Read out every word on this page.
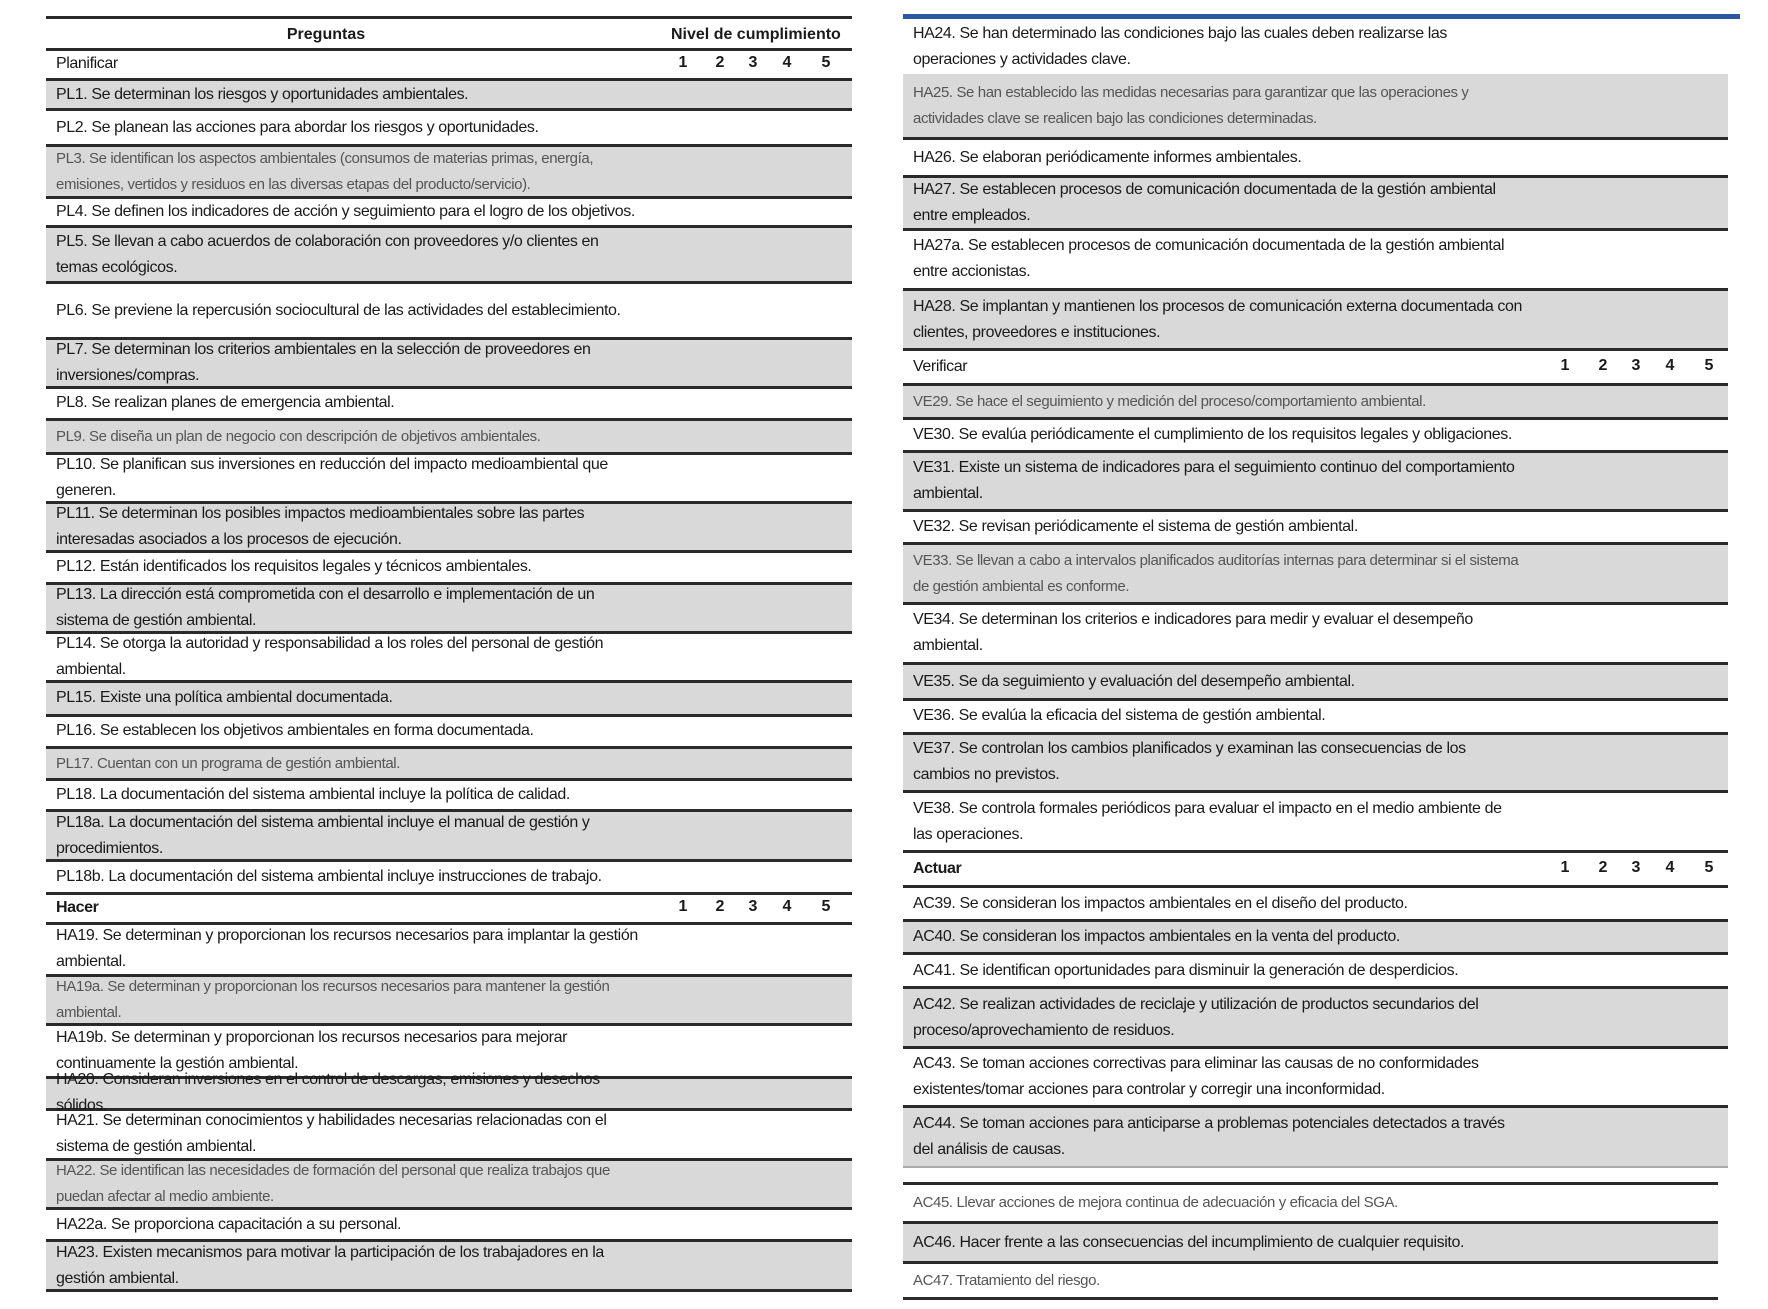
Preguntas	Nivel de cumplimiento
Planificar	1 2 3 4 5
PL1. Se determinan los riesgos y oportunidades ambientales.
PL2. Se planean las acciones para abordar los riesgos y oportunidades.
PL3. Se identifican los aspectos ambientales (consumos de materias primas, energía, emisiones, vertidos y residuos en las diversas etapas del producto/servicio).
PL4. Se definen los indicadores de acción y seguimiento para el logro de los objetivos.
PL5. Se llevan a cabo acuerdos de colaboración con proveedores y/o clientes en temas ecológicos.
PL6. Se previene la repercusión sociocultural de las actividades del establecimiento.
PL7. Se determinan los criterios ambientales en la selección de proveedores en inversiones/compras.
PL8. Se realizan planes de emergencia ambiental.
PL9. Se diseña un plan de negocio con descripción de objetivos ambientales.
PL10. Se planifican sus inversiones en reducción del impacto medioambiental que generen.
PL11. Se determinan los posibles impactos medioambientales sobre las partes interesadas asociados a los procesos de ejecución.
PL12. Están identificados los requisitos legales y técnicos ambientales.
PL13. La dirección está comprometida con el desarrollo e implementación de un sistema de gestión ambiental.
PL14. Se otorga la autoridad y responsabilidad a los roles del personal de gestión ambiental.
PL15. Existe una política ambiental documentada.
PL16. Se establecen los objetivos ambientales en forma documentada.
PL17. Cuentan con un programa de gestión ambiental.
PL18. La documentación del sistema ambiental incluye la política de calidad.
PL18a. La documentación del sistema ambiental incluye el manual de gestión y procedimientos.
PL18b. La documentación del sistema ambiental incluye instrucciones de trabajo.
Hacer	1 2 3 4 5
HA19. Se determinan y proporcionan los recursos necesarios para implantar la gestión ambiental.
HA19a. Se determinan y proporcionan los recursos necesarios para mantener la gestión ambiental.
HA19b. Se determinan y proporcionan los recursos necesarios para mejorar continuamente la gestión ambiental.
HA20. Consideran inversiones en el control de descargas, emisiones y desechos sólidos.
HA21. Se determinan conocimientos y habilidades necesarias relacionadas con el sistema de gestión ambiental.
HA22. Se identifican las necesidades de formación del personal que realiza trabajos que puedan afectar al medio ambiente.
HA22a. Se proporciona capacitación a su personal.
HA23. Existen mecanismos para motivar la participación de los trabajadores en la gestión ambiental.
HA24. Se han determinado las condiciones bajo las cuales deben realizarse las operaciones y actividades clave.
HA25. Se han establecido las medidas necesarias para garantizar que las operaciones y actividades clave se realicen bajo las condiciones determinadas.
HA26. Se elaboran periódicamente informes ambientales.
HA27. Se establecen procesos de comunicación documentada de la gestión ambiental entre empleados.
HA27a. Se establecen procesos de comunicación documentada de la gestión ambiental entre accionistas.
HA28. Se implantan y mantienen los procesos de comunicación externa documentada con clientes, proveedores e instituciones.
Verificar	1 2 3 4 5
VE29. Se hace el seguimiento y medición del proceso/comportamiento ambiental.
VE30. Se evalúa periódicamente el cumplimiento de los requisitos legales y obligaciones.
VE31. Existe un sistema de indicadores para el seguimiento continuo del comportamiento ambiental.
VE32. Se revisan periódicamente el sistema de gestión ambiental.
VE33. Se llevan a cabo a intervalos planificados auditorías internas para determinar si el sistema de gestión ambiental es conforme.
VE34. Se determinan los criterios e indicadores para medir y evaluar el desempeño ambiental.
VE35. Se da seguimiento y evaluación del desempeño ambiental.
VE36. Se evalúa la eficacia del sistema de gestión ambiental.
VE37. Se controlan los cambios planificados y examinan las consecuencias de los cambios no previstos.
VE38. Se controla formales periódicos para evaluar el impacto en el medio ambiente de las operaciones.
Actuar	1 2 3 4 5
AC39. Se consideran los impactos ambientales en el diseño del producto.
AC40. Se consideran los impactos ambientales en la venta del producto.
AC41. Se identifican oportunidades para disminuir la generación de desperdicios.
AC42. Se realizan actividades de reciclaje y utilización de productos secundarios del proceso/aprovechamiento de residuos.
AC43. Se toman acciones correctivas para eliminar las causas de no conformidades existentes/tomar acciones para controlar y corregir una inconformidad.
AC44. Se toman acciones para anticiparse a problemas potenciales detectados a través del análisis de causas.
AC45. Llevar acciones de mejora continua de adecuación y eficacia del SGA.
AC46. Hacer frente a las consecuencias del incumplimiento de cualquier requisito.
AC47. Tratamiento del riesgo.
